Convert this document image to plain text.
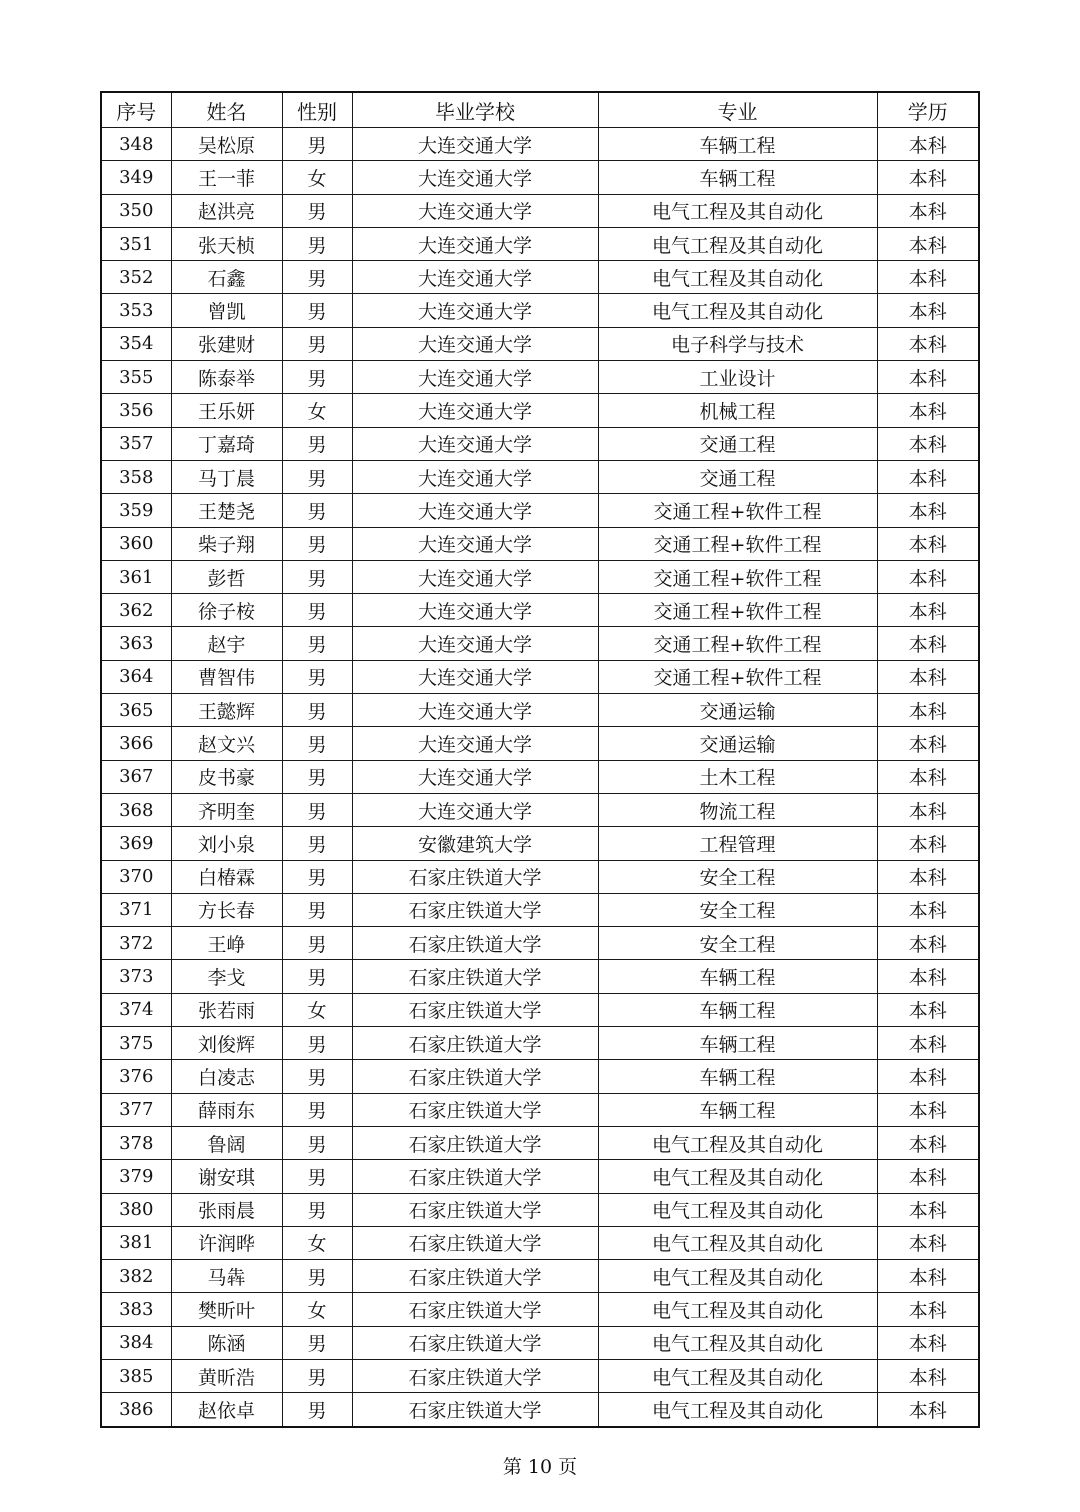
序号	姓名	性别	毕业学校	专业	学历
348	吴松原	男	大连交通大学	车辆工程	本科
349	王一菲	女	大连交通大学	车辆工程	本科
350	赵洪亮	男	大连交通大学	电气工程及其自动化	本科
351	张天桢	男	大连交通大学	电气工程及其自动化	本科
352	石鑫	男	大连交通大学	电气工程及其自动化	本科
353	曾凯	男	大连交通大学	电气工程及其自动化	本科
354	张建财	男	大连交通大学	电子科学与技术	本科
355	陈泰举	男	大连交通大学	工业设计	本科
356	王乐妍	女	大连交通大学	机械工程	本科
357	丁嘉琦	男	大连交通大学	交通工程	本科
358	马丁晨	男	大连交通大学	交通工程	本科
359	王楚尧	男	大连交通大学	交通工程+软件工程	本科
360	柴子翔	男	大连交通大学	交通工程+软件工程	本科
361	彭哲	男	大连交通大学	交通工程+软件工程	本科
362	徐子桉	男	大连交通大学	交通工程+软件工程	本科
363	赵宇	男	大连交通大学	交通工程+软件工程	本科
364	曹智伟	男	大连交通大学	交通工程+软件工程	本科
365	王懿辉	男	大连交通大学	交通运输	本科
366	赵文兴	男	大连交通大学	交通运输	本科
367	皮书豪	男	大连交通大学	土木工程	本科
368	齐明奎	男	大连交通大学	物流工程	本科
369	刘小泉	男	安徽建筑大学	工程管理	本科
370	白椿霖	男	石家庄铁道大学	安全工程	本科
371	方长春	男	石家庄铁道大学	安全工程	本科
372	王峥	男	石家庄铁道大学	安全工程	本科
373	李戈	男	石家庄铁道大学	车辆工程	本科
374	张若雨	女	石家庄铁道大学	车辆工程	本科
375	刘俊辉	男	石家庄铁道大学	车辆工程	本科
376	白凌志	男	石家庄铁道大学	车辆工程	本科
377	薛雨东	男	石家庄铁道大学	车辆工程	本科
378	鲁阔	男	石家庄铁道大学	电气工程及其自动化	本科
379	谢安琪	男	石家庄铁道大学	电气工程及其自动化	本科
380	张雨晨	男	石家庄铁道大学	电气工程及其自动化	本科
381	许润晔	女	石家庄铁道大学	电气工程及其自动化	本科
382	马犇	男	石家庄铁道大学	电气工程及其自动化	本科
383	樊昕叶	女	石家庄铁道大学	电气工程及其自动化	本科
384	陈涵	男	石家庄铁道大学	电气工程及其自动化	本科
385	黄昕浩	男	石家庄铁道大学	电气工程及其自动化	本科
386	赵依卓	男	石家庄铁道大学	电气工程及其自动化	本科
第 10 页
